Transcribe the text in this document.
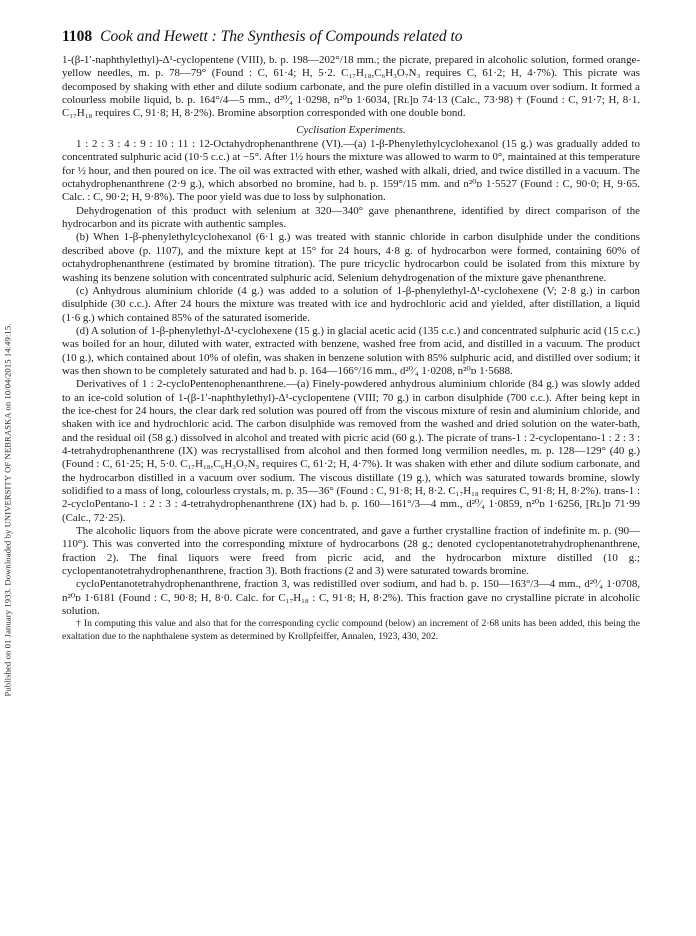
Published on 01 January 1933. Downloaded by UNIVERSITY OF NEBRASKA on 10/04/2015 14:49:15.
1108 Cook and Hewett : The Synthesis of Compounds related to

1-(β-1′-naphthylethyl)-Δ¹-cyclopentene (VIII), b. p. 198—202°/18 mm.; the picrate, prepared in alcoholic solution, formed orange-yellow needles, m. p. 78—79° (Found : C, 61·4; H, 5·2. C₁₇H₁₈,C₆H₃O₇N₃ requires C, 61·2; H, 4·7%). This picrate was decomposed by shaking with ether and dilute sodium carbonate, and the pure olefin distilled in a vacuum over sodium. It formed a colourless mobile liquid, b. p. 164°/4—5 mm., d²⁰⁄₄ 1·0298, n²⁰ᴅ 1·6034, [Rʟ]ᴅ 74·13 (Calc., 73·98) † (Found : C, 91·7; H, 8·1. C₁₇H₁₈ requires C, 91·8; H, 8·2%). Bromine absorption corresponded with one double bond.

Cyclisation Experiments.

1 : 2 : 3 : 4 : 9 : 10 : 11 : 12-Octahydrophenanthrene (VI).—(a) 1-β-Phenylethylcyclohexanol (15 g.) was gradually added to concentrated sulphuric acid (10·5 c.c.) at −5°. After 1½ hours the mixture was allowed to warm to 0°, maintained at this temperature for ½ hour, and then poured on ice. The oil was extracted with ether, washed with alkali, dried, and twice distilled in a vacuum. The octahydrophenanthrene (2·9 g.), which absorbed no bromine, had b. p. 159°/15 mm. and n²⁰ᴅ 1·5527 (Found : C, 90·0; H, 9·65. Calc. : C, 90·2; H, 9·8%). The poor yield was due to loss by sulphonation.

Dehydrogenation of this product with selenium at 320—340° gave phenanthrene, identified by direct comparison of the hydrocarbon and its picrate with authentic samples.

(b) When 1-β-phenylethylcyclohexanol (6·1 g.) was treated with stannic chloride in carbon disulphide under the conditions described above (p. 1107), and the mixture kept at 15° for 24 hours, 4·8 g. of hydrocarbon were formed, containing 60% of octahydrophenanthrene (estimated by bromine titration). The pure tricyclic hydrocarbon could be isolated from this mixture by washing its benzene solution with concentrated sulphuric acid. Selenium dehydrogenation of the mixture gave phenanthrene.

(c) Anhydrous aluminium chloride (4 g.) was added to a solution of 1-β-phenylethyl-Δ¹-cyclohexene (V; 2·8 g.) in carbon disulphide (30 c.c.). After 24 hours the mixture was treated with ice and hydrochloric acid and yielded, after distillation, a liquid (1·6 g.) which contained 85% of the saturated isomeride.

(d) A solution of 1-β-phenylethyl-Δ¹-cyclohexene (15 g.) in glacial acetic acid (135 c.c.) and concentrated sulphuric acid (15 c.c.) was boiled for an hour, diluted with water, extracted with benzene, washed free from acid, and distilled in a vacuum. The product (10 g.), which contained about 10% of olefin, was shaken in benzene solution with 85% sulphuric acid, and distilled over sodium; it was then shown to be completely saturated and had b. p. 164—166°/16 mm., d²⁰⁄₄ 1·0208, n²⁰ᴅ 1·5688.

Derivatives of 1 : 2-cycloPentenophenanthrene.—(a) Finely-powdered anhydrous aluminium chloride (84 g.) was slowly added to an ice-cold solution of 1-(β-1′-naphthylethyl)-Δ¹-cyclopentene (VIII; 70 g.) in carbon disulphide (700 c.c.). After being kept in the ice-chest for 24 hours, the clear dark red solution was poured off from the viscous mixture of resin and aluminium chloride, and shaken with ice and hydrochloric acid. The carbon disulphide was removed from the washed and dried solution on the water-bath, and the residual oil (58 g.) dissolved in alcohol and treated with picric acid (60 g.). The picrate of trans-1 : 2-cyclopentano-1 : 2 : 3 : 4-tetrahydrophenanthrene (IX) was recrystallised from alcohol and then formed long vermilion needles, m. p. 128—129° (40 g.) (Found : C, 61·25; H, 5·0. C₁₇H₁₈,C₆H₃O₇N₃ requires C, 61·2; H, 4·7%). It was shaken with ether and dilute sodium carbonate, and the hydrocarbon distilled in a vacuum over sodium. The viscous distillate (19 g.), which was saturated towards bromine, slowly solidified to a mass of long, colourless crystals, m. p. 35—36° (Found : C, 91·8; H, 8·2. C₁₇H₁₈ requires C, 91·8; H, 8·2%). trans-1 : 2-cycloPentano-1 : 2 : 3 : 4-tetrahydrophenanthrene (IX) had b. p. 160—161°/3—4 mm., d²⁰⁄₄ 1·0859, n²⁰ᴅ 1·6256, [Rʟ]ᴅ 71·99 (Calc., 72·25).

The alcoholic liquors from the above picrate were concentrated, and gave a further crystalline fraction of indefinite m. p. (90—110°). This was converted into the corresponding mixture of hydrocarbons (28 g.; denoted cyclopentanotetrahydrophenanthrene, fraction 2). The final liquors were freed from picric acid, and the hydrocarbon mixture distilled (10 g.; cyclopentanotetrahydrophenanthrene, fraction 3). Both fractions (2 and 3) were saturated towards bromine.

cycloPentanotetrahydrophenanthrene, fraction 3, was redistilled over sodium, and had b. p. 150—163°/3—4 mm., d²⁰⁄₄ 1·0708, n²⁰ᴅ 1·6181 (Found : C, 90·8; H, 8·0. Calc. for C₁₇H₁₈ : C, 91·8; H, 8·2%). This fraction gave no crystalline picrate in alcoholic solution.

† In computing this value and also that for the corresponding cyclic compound (below) an increment of 2·68 units has been added, this being the exaltation due to the naphthalene system as determined by Krollpfeiffer, Annalen, 1923, 430, 202.
